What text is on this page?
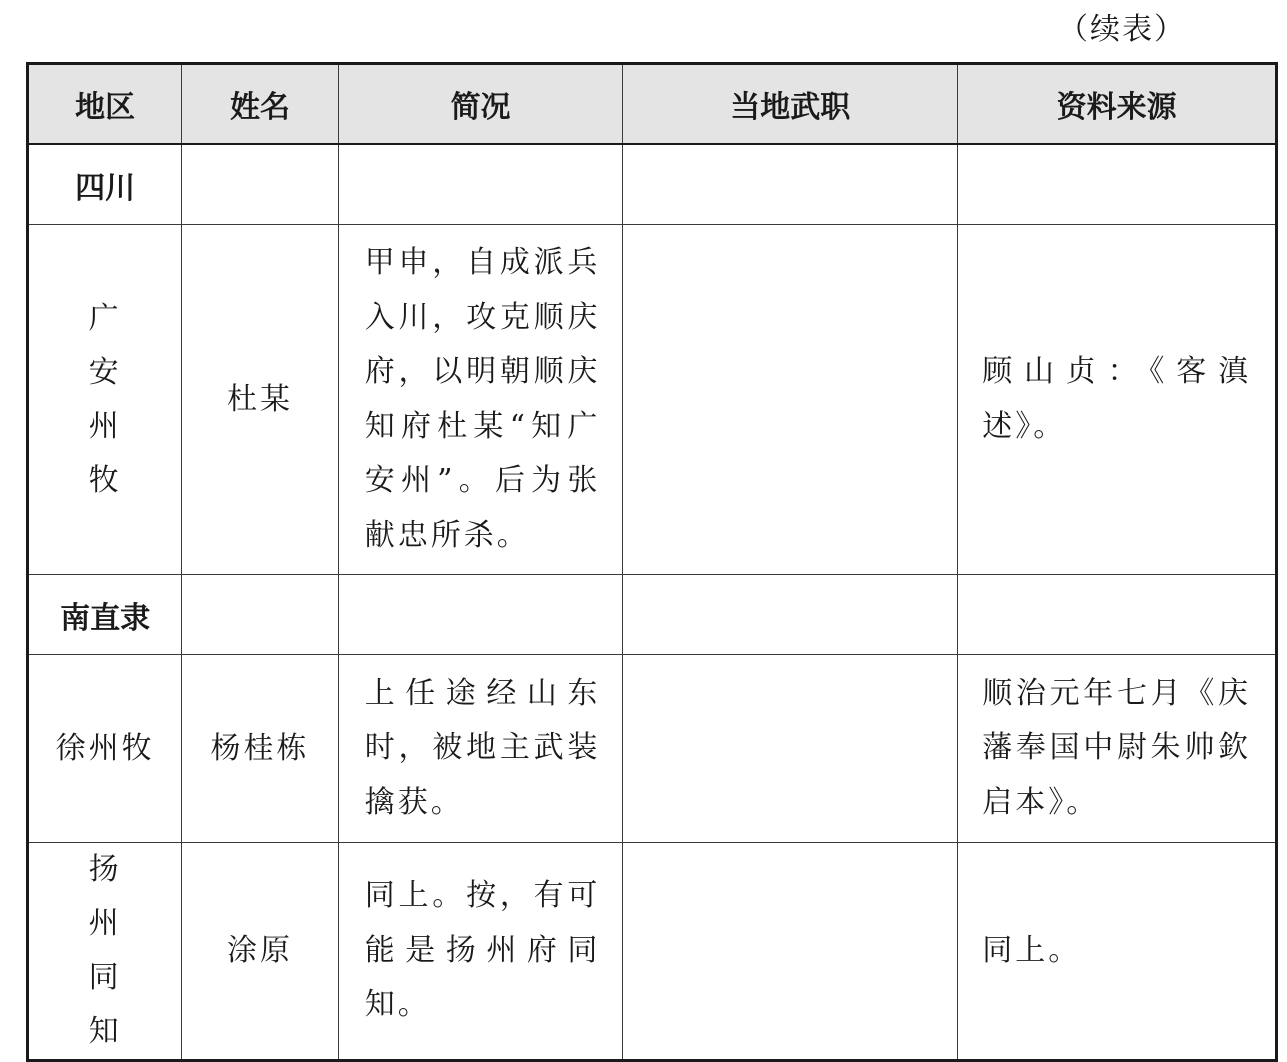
（续表）
地区	姓名	简况	当地武职	资料来源
四川				

广安州牧	杜某	甲申，自成派兵入川，攻克顺庆府，以明朝顺庆知府杜某“知广安州”。后为张献忠所杀。		顾山贞：《客滇述》。
南直隶				
徐州牧	杨桂栋	上任途经山东时，被地主武装擒获。		顺治元年七月《庆藩奉国中尉朱帅欽启本》。

扬州同知	涂原	同上。按，有可能是扬州府同知。		同上。
